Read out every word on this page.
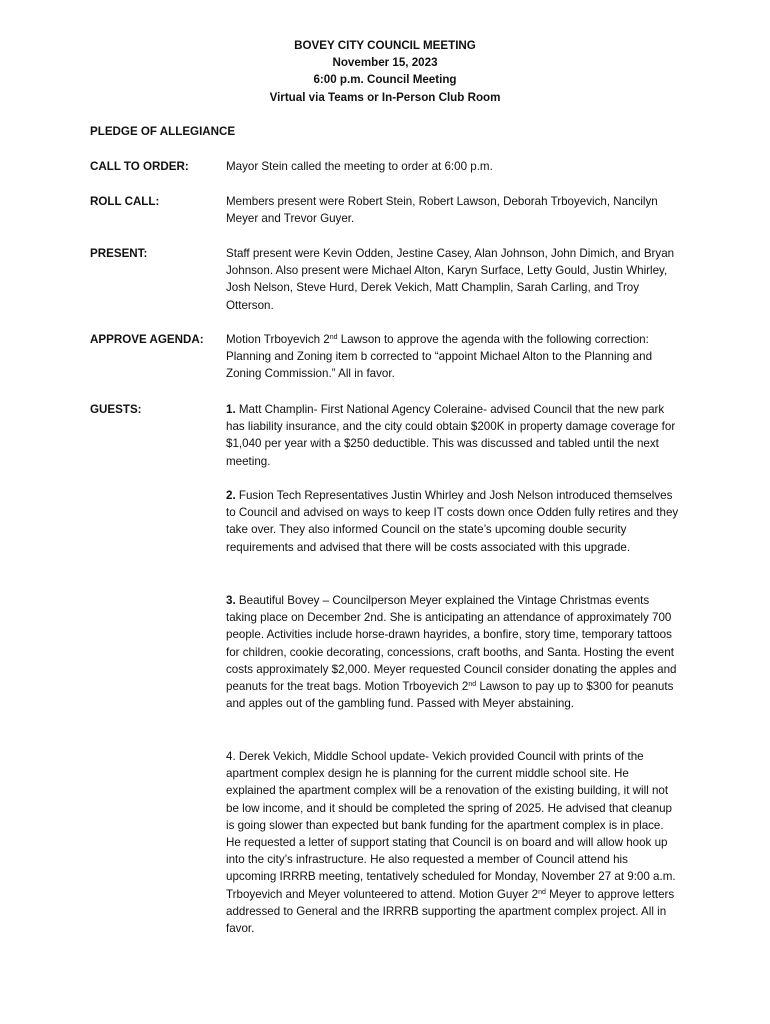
BOVEY CITY COUNCIL MEETING
November 15, 2023
6:00 p.m. Council Meeting
Virtual via Teams or In-Person Club Room
PLEDGE OF ALLEGIANCE
CALL TO ORDER:	Mayor Stein called the meeting to order at 6:00 p.m.
ROLL CALL:	Members present were Robert Stein, Robert Lawson, Deborah Trboyevich, Nancilyn Meyer and Trevor Guyer.
PRESENT:	Staff present were Kevin Odden, Jestine Casey, Alan Johnson, John Dimich, and Bryan Johnson. Also present were Michael Alton, Karyn Surface, Letty Gould, Justin Whirley, Josh Nelson, Steve Hurd, Derek Vekich, Matt Champlin, Sarah Carling, and Troy Otterson.
APPROVE AGENDA:	Motion Trboyevich 2nd Lawson to approve the agenda with the following correction: Planning and Zoning item b corrected to “appoint Michael Alton to the Planning and Zoning Commission.” All in favor.
GUESTS:	1. Matt Champlin- First National Agency Coleraine- advised Council that the new park has liability insurance, and the city could obtain $200K in property damage coverage for $1,040 per year with a $250 deductible. This was discussed and tabled until the next meeting.
2. Fusion Tech Representatives Justin Whirley and Josh Nelson introduced themselves to Council and advised on ways to keep IT costs down once Odden fully retires and they take over. They also informed Council on the state’s upcoming double security requirements and advised that there will be costs associated with this upgrade.
3. Beautiful Bovey – Councilperson Meyer explained the Vintage Christmas events taking place on December 2nd. She is anticipating an attendance of approximately 700 people. Activities include horse-drawn hayrides, a bonfire, story time, temporary tattoos for children, cookie decorating, concessions, craft booths, and Santa. Hosting the event costs approximately $2,000. Meyer requested Council consider donating the apples and peanuts for the treat bags. Motion Trboyevich 2nd Lawson to pay up to $300 for peanuts and apples out of the gambling fund. Passed with Meyer abstaining.
4. Derek Vekich, Middle School update- Vekich provided Council with prints of the apartment complex design he is planning for the current middle school site. He explained the apartment complex will be a renovation of the existing building, it will not be low income, and it should be completed the spring of 2025. He advised that cleanup is going slower than expected but bank funding for the apartment complex is in place. He requested a letter of support stating that Council is on board and will allow hook up into the city’s infrastructure. He also requested a member of Council attend his upcoming IRRRB meeting, tentatively scheduled for Monday, November 27 at 9:00 a.m. Trboyevich and Meyer volunteered to attend. Motion Guyer 2nd Meyer to approve letters addressed to General and the IRRRB supporting the apartment complex project. All in favor.
